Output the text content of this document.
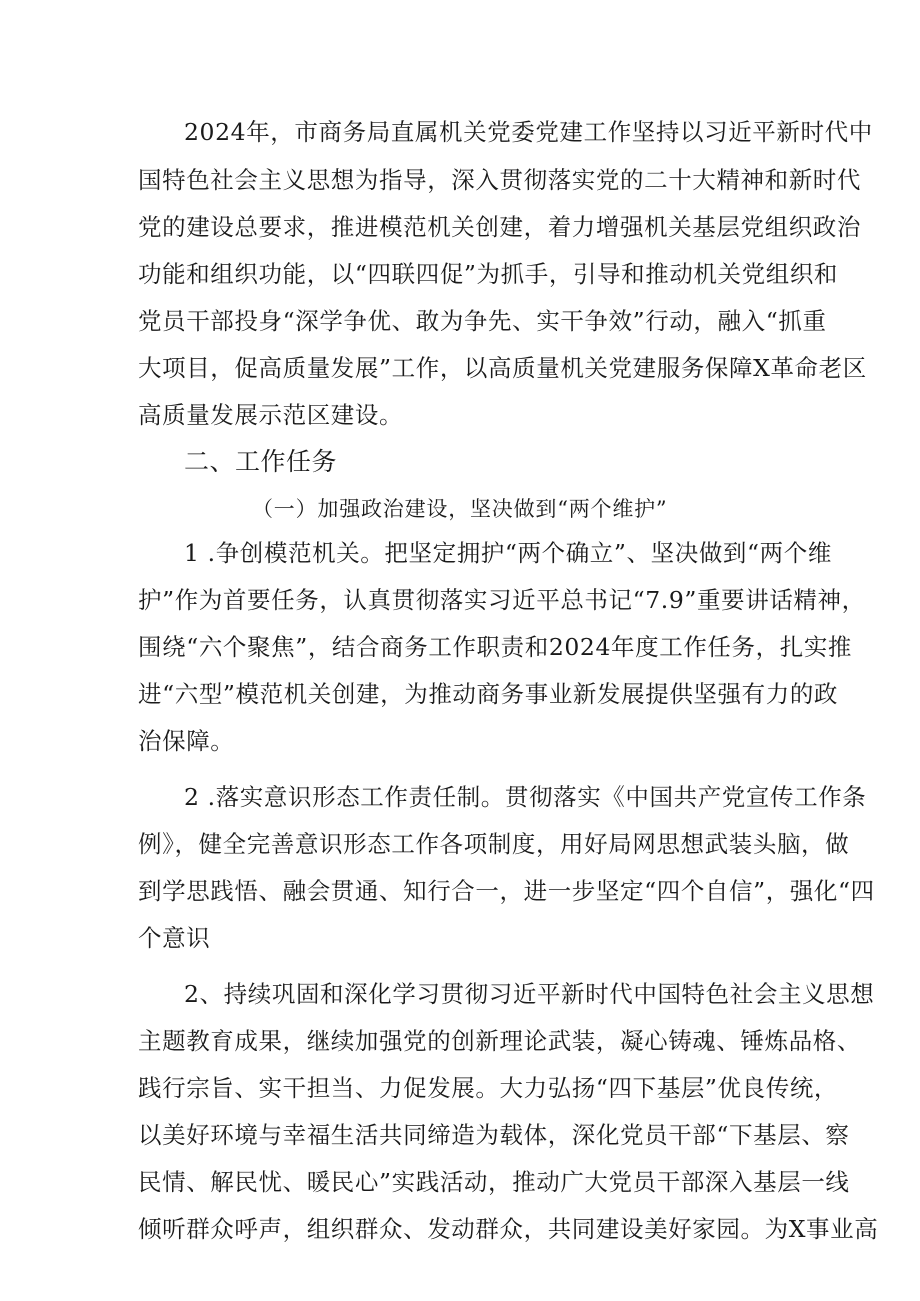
2024年，市商务局直属机关党委党建工作坚持以习近平新时代中
国特色社会主义思想为指导，深入贯彻落实党的二十大精神和新时代
党的建设总要求，推进模范机关创建，着力增强机关基层党组织政治
功能和组织功能，以“四联四促”为抓手，引导和推动机关党组织和
党员干部投身“深学争优、敢为争先、实干争效”行动，融入“抓重
大项目，促高质量发展”工作，以高质量机关党建服务保障X革命老区
高质量发展示范区建设。
二、工作任务
（一）加强政治建设，坚决做到“两个维护”
1 .争创模范机关。把坚定拥护“两个确立”、坚决做到“两个维
护”作为首要任务，认真贯彻落实习近平总书记“7.9”重要讲话精神，
围绕“六个聚焦”，结合商务工作职责和2024年度工作任务，扎实推
进“六型”模范机关创建，为推动商务事业新发展提供坚强有力的政
治保障。
2 .落实意识形态工作责任制。贯彻落实《中国共产党宣传工作条
例》，健全完善意识形态工作各项制度，用好局网思想武装头脑，做
到学思践悟、融会贯通、知行合一，进一步坚定“四个自信”，强化“四
个意识
2、持续巩固和深化学习贯彻习近平新时代中国特色社会主义思想
主题教育成果，继续加强党的创新理论武装，凝心铸魂、锤炼品格、
践行宗旨、实干担当、力促发展。大力弘扬“四下基层”优良传统，
以美好环境与幸福生活共同缔造为载体，深化党员干部“下基层、察
民情、解民忧、暖民心”实践活动，推动广大党员干部深入基层一线
倾听群众呼声，组织群众、发动群众，共同建设美好家园。为X事业高
